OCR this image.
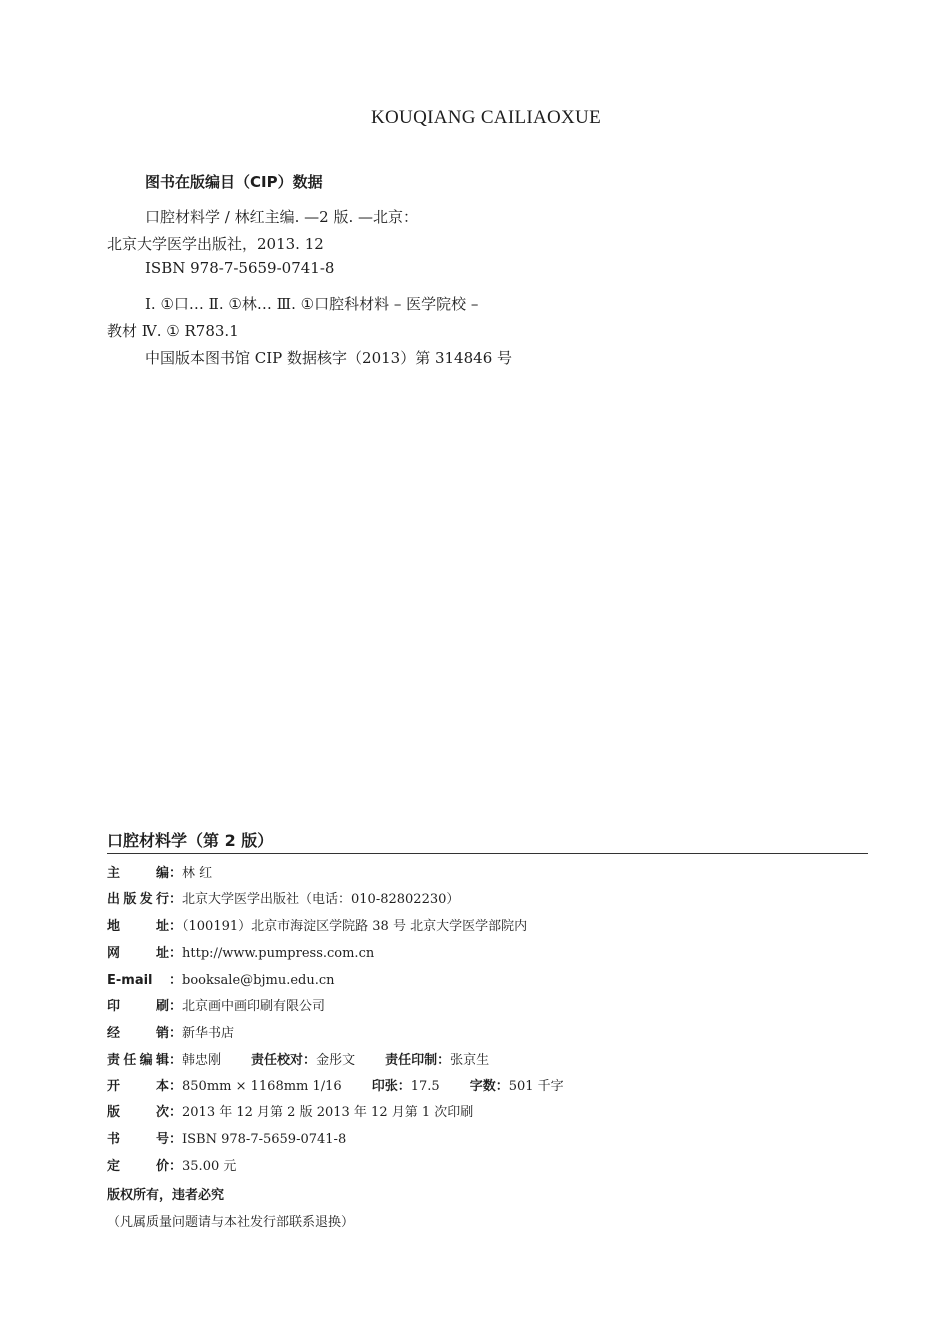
KOUQIANG CAILIAOXUE
图书在版编目（CIP）数据
口腔材料学 / 林红主编. —2 版. —北京：
北京大学医学出版社，2013. 12
ISBN 978-7-5659-0741-8
Ⅰ. ①口… Ⅱ. ①林… Ⅲ. ①口腔科材料 – 医学院校 –
教材 Ⅳ. ① R783.1
中国版本图书馆 CIP 数据核字（2013）第 314846 号
口腔材料学（第 2 版）
主编：林 红
出版发行：北京大学医学出版社（电话：010-82802230）
地址：（100191）北京市海淀区学院路 38 号 北京大学医学部院内
网址：http://www.pumpress.com.cn
E-mail ：booksale@bjmu.edu.cn
印刷：北京画中画印刷有限公司
经销：新华书店
责任编辑：韩忠刚 责任校对：金彤文 责任印制：张京生
开本：850mm × 1168mm 1/16 印张：17.5 字数：501 千字
版次：2013 年 12 月第 2 版 2013 年 12 月第 1 次印刷
书号：ISBN 978-7-5659-0741-8
定价：35.00 元
版权所有，违者必究
（凡属质量问题请与本社发行部联系退换）
